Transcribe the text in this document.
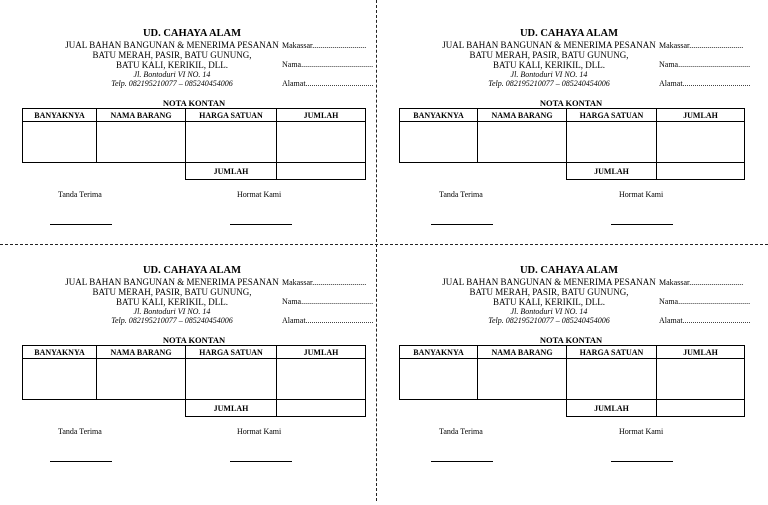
UD. CAHAYA ALAM
JUAL BAHAN BANGUNAN & MENERIMA PESANAN
BATU MERAH, PASIR, BATU GUNUNG,
BATU KALI, KERIKIL, DLL.
Jl. Bontoduri VI NO. 14
Telp. 082195210077 – 085240454006
Makassar...........................
Nama....................................
Alamat..................................
NOTA KONTAN
BANYAKNYA	NAMA BARANG	HARGA SATUAN	JUMLAH

		JUMLAH	
Tanda Terima	Hormat Kami
UD. CAHAYA ALAM
JUAL BAHAN BANGUNAN & MENERIMA PESANAN
BATU MERAH, PASIR, BATU GUNUNG,
BATU KALI, KERIKIL, DLL.
Jl. Bontoduri VI NO. 14
Telp. 082195210077 – 085240454006
Makassar...........................
Nama....................................
Alamat..................................
NOTA KONTAN
BANYAKNYA	NAMA BARANG	HARGA SATUAN	JUMLAH

		JUMLAH	
Tanda Terima	Hormat Kami
UD. CAHAYA ALAM
JUAL BAHAN BANGUNAN & MENERIMA PESANAN
BATU MERAH, PASIR, BATU GUNUNG,
BATU KALI, KERIKIL, DLL.
Jl. Bontoduri VI NO. 14
Telp. 082195210077 – 085240454006
Makassar...........................
Nama....................................
Alamat..................................
NOTA KONTAN
BANYAKNYA	NAMA BARANG	HARGA SATUAN	JUMLAH

		JUMLAH	
Tanda Terima	Hormat Kami
UD. CAHAYA ALAM
JUAL BAHAN BANGUNAN & MENERIMA PESANAN
BATU MERAH, PASIR, BATU GUNUNG,
BATU KALI, KERIKIL, DLL.
Jl. Bontoduri VI NO. 14
Telp. 082195210077 – 085240454006
Makassar...........................
Nama....................................
Alamat..................................
NOTA KONTAN
BANYAKNYA	NAMA BARANG	HARGA SATUAN	JUMLAH

		JUMLAH	
Tanda Terima	Hormat Kami
